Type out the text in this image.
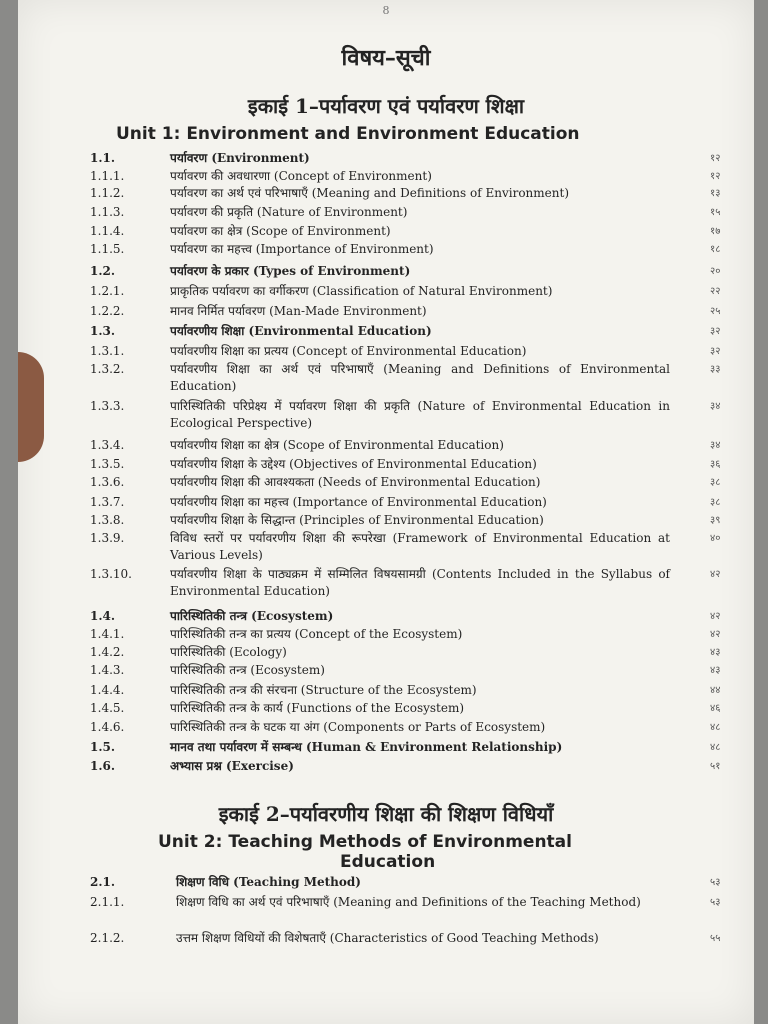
8
विषय–सूची
इकाई 1–पर्यावरण एवं पर्यावरण शिक्षा
Unit 1: Environment and Environment Education
1.1.	पर्यावरण (Environment)	१२
1.1.1.	पर्यावरण की अवधारणा (Concept of Environment)	१२
1.1.2.	पर्यावरण का अर्थ एवं परिभाषाएँ (Meaning and Definitions of Environment)	१३
1.1.3.	पर्यावरण की प्रकृति (Nature of Environment)	१५
1.1.4.	पर्यावरण का क्षेत्र (Scope of Environment)	१७
1.1.5.	पर्यावरण का महत्त्व (Importance of Environment)	१८
1.2.	पर्यावरण के प्रकार (Types of Environment)	२०
1.2.1.	प्राकृतिक पर्यावरण का वर्गीकरण (Classification of Natural Environment)	२२
1.2.2.	मानव निर्मित पर्यावरण (Man-Made Environment)	२५
1.3.	पर्यावरणीय शिक्षा (Environmental Education)	३२
1.3.1.	पर्यावरणीय शिक्षा का प्रत्यय (Concept of Environmental Education)	३२
1.3.2.	पर्यावरणीय शिक्षा का अर्थ एवं परिभाषाएँ (Meaning and Definitions of Environmental Education)
३३
1.3.3.	पारिस्थितिकी परिप्रेक्ष्य में पर्यावरण शिक्षा की प्रकृति (Nature of Environmental Education in Ecological Perspective)
३४
1.3.4.	पर्यावरणीय शिक्षा का क्षेत्र (Scope of Environmental Education)	३४
1.3.5.	पर्यावरणीय शिक्षा के उद्देश्य (Objectives of Environmental Education)	३६
1.3.6.	पर्यावरणीय शिक्षा की आवश्यकता (Needs of Environmental Education)	३८
1.3.7.	पर्यावरणीय शिक्षा का महत्त्व (Importance of Environmental Education)	३८
1.3.8.	पर्यावरणीय शिक्षा के सिद्धान्त (Principles of Environmental Education)	३९
1.3.9.	विविध स्तरों पर पर्यावरणीय शिक्षा की रूपरेखा (Framework of Environmental Education at Various Levels)
४०
1.3.10.	पर्यावरणीय शिक्षा के पाठ्यक्रम में सम्मिलित विषयसामग्री (Contents Included in the Syllabus of Environmental Education)
४२
1.4.	पारिस्थितिकी तन्त्र (Ecosystem)	४२
1.4.1.	पारिस्थितिकी तन्त्र का प्रत्यय (Concept of the Ecosystem)	४२
1.4.2.	पारिस्थितिकी (Ecology)	४३
1.4.3.	पारिस्थितिकी तन्त्र (Ecosystem)	४३
1.4.4.	पारिस्थितिकी तन्त्र की संरचना (Structure of the Ecosystem)	४४
1.4.5.	पारिस्थितिकी तन्त्र के कार्य (Functions of the Ecosystem)	४६
1.4.6.	पारिस्थितिकी तन्त्र के घटक या अंग (Components or Parts of Ecosystem)	४८
1.5.	मानव तथा पर्यावरण में सम्बन्ध (Human & Environment Relationship)	४८
1.6.	अभ्यास प्रश्न (Exercise)	५१
इकाई 2–पर्यावरणीय शिक्षा की शिक्षण विधियाँ
Unit 2: Teaching Methods of Environmental
Education
2.1.	शिक्षण विधि (Teaching Method)	५३
2.1.1.	शिक्षण विधि का अर्थ एवं परिभाषाएँ (Meaning and Definitions of the Teaching Method)	५३
2.1.2.	उत्तम शिक्षण विधियों की विशेषताएँ (Characteristics of Good Teaching Methods)	५५
